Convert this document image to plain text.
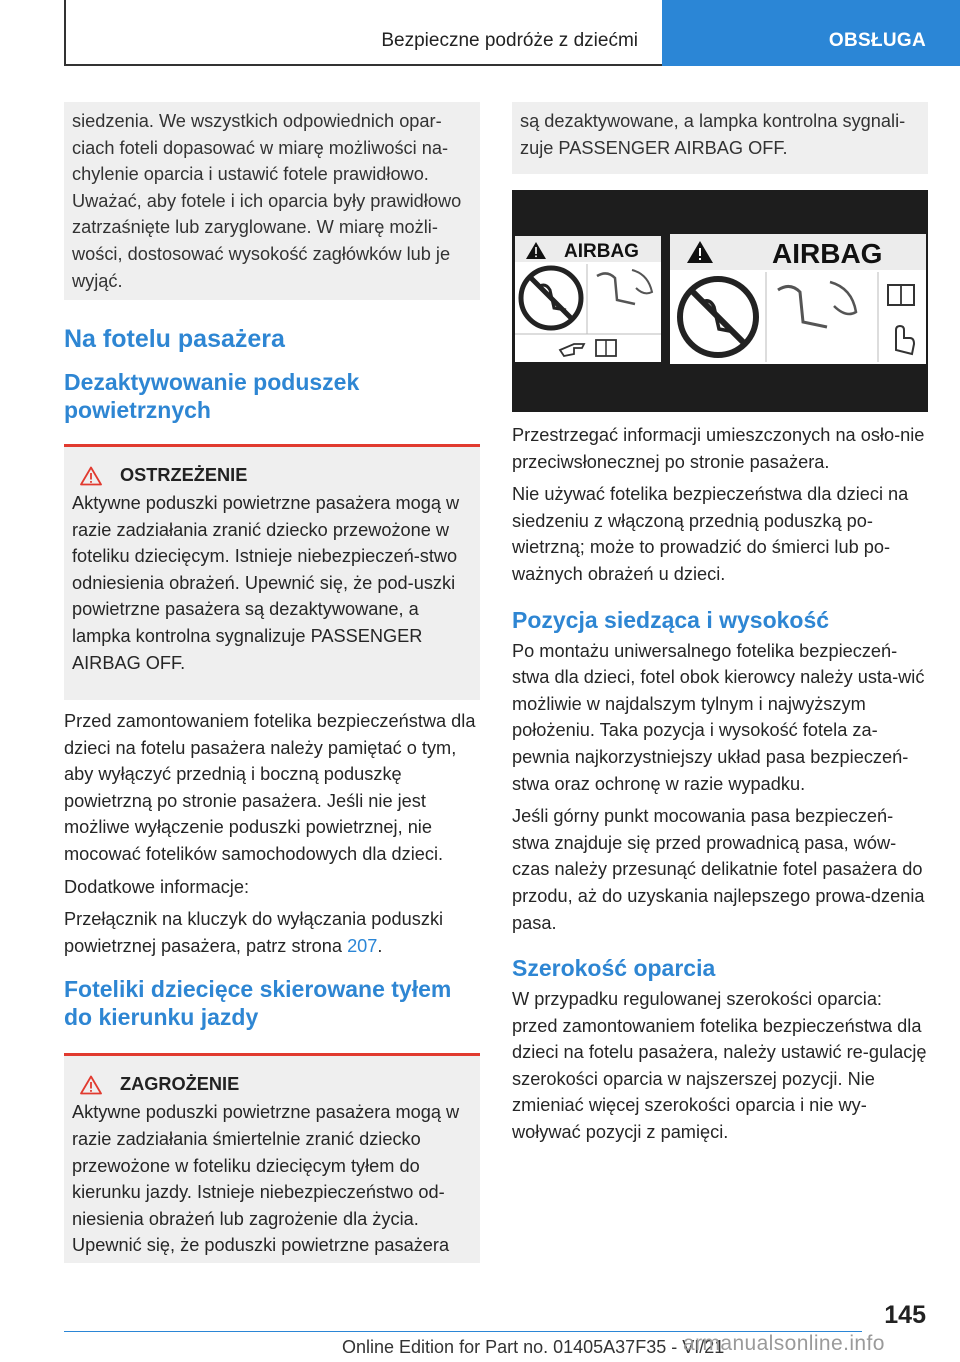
Bezpieczne podróże z dziećmi	OBSŁUGA

siedzenia. We wszystkich odpowiednich opar-ciach foteli dopasować w miarę możliwości na-chylenie oparcia i ustawić fotele prawidłowo. Uważać, aby fotele i ich oparcia były prawidłowo zatrzaśnięte lub zaryglowane. W miarę możli-wości, dostosować wysokość zagłówków lub je wyjąć.

Na fotelu pasażera
Dezaktywowanie poduszek powietrznych
OSTRZEŻENIE

Aktywne poduszki powietrzne pasażera mogą w razie zadziałania zranić dziecko przewożone w foteliku dziecięcym. Istnieje niebezpieczeń-stwo odniesienia obrażeń. Upewnić się, że pod-uszki powietrzne pasażera są dezaktywowane, a lampka kontrolna sygnalizuje PASSENGER AIRBAG OFF.

Przed zamontowaniem fotelika bezpieczeństwa dla dzieci na fotelu pasażera należy pamiętać o tym, aby wyłączyć przednią i boczną poduszkę powietrzną po stronie pasażera. Jeśli nie jest możliwe wyłączenie poduszki powietrznej, nie mocować fotelików samochodowych dla dzieci.

Dodatkowe informacje:

Przełącznik na kluczyk do wyłączania poduszki powietrznej pasażera, patrz strona 207.

Foteliki dziecięce skierowane tyłem do kierunku jazdy
ZAGROŻENIE

Aktywne poduszki powietrzne pasażera mogą w razie zadziałania śmiertelnie zranić dziecko przewożone w foteliku dziecięcym tyłem do kierunku jazdy. Istnieje niebezpieczeństwo od-niesienia obrażeń lub zagrożenie dla życia. Upewnić się, że poduszki powietrzne pasażera

są dezaktywowane, a lampka kontrolna sygnali-zuje PASSENGER AIRBAG OFF.

AIRBAG	AIRBAG

Przestrzegać informacji umieszczonych na osło-nie przeciwsłonecznej po stronie pasażera.

Nie używać fotelika bezpieczeństwa dla dzieci na siedzeniu z włączoną przednią poduszką po-wietrzną; może to prowadzić do śmierci lub po-ważnych obrażeń u dzieci.

Pozycja siedząca i wysokość

Po montażu uniwersalnego fotelika bezpieczeń-stwa dla dzieci, fotel obok kierowcy należy usta-wić możliwie w najdalszym tylnym i najwyższym położeniu. Taka pozycja i wysokość fotela za-pewnia najkorzystniejszy układ pasa bezpieczeń-stwa oraz ochronę w razie wypadku.

Jeśli górny punkt mocowania pasa bezpieczeń-stwa znajduje się przed prowadnicą pasa, wów-czas należy przesunąć delikatnie fotel pasażera do przodu, aż do uzyskania najlepszego prowa-dzenia pasa.

Szerokość oparcia

W przypadku regulowanej szerokości oparcia: przed zamontowaniem fotelika bezpieczeństwa dla dzieci na fotelu pasażera, należy ustawić re-gulację szerokości oparcia w najszerszej pozycji. Nie zmieniać więcej szerokości oparcia i nie wy-woływać pozycji z pamięci.

145
Online Edition for Part no. 01405A37F35 - VI/21
armanualsonline.info
